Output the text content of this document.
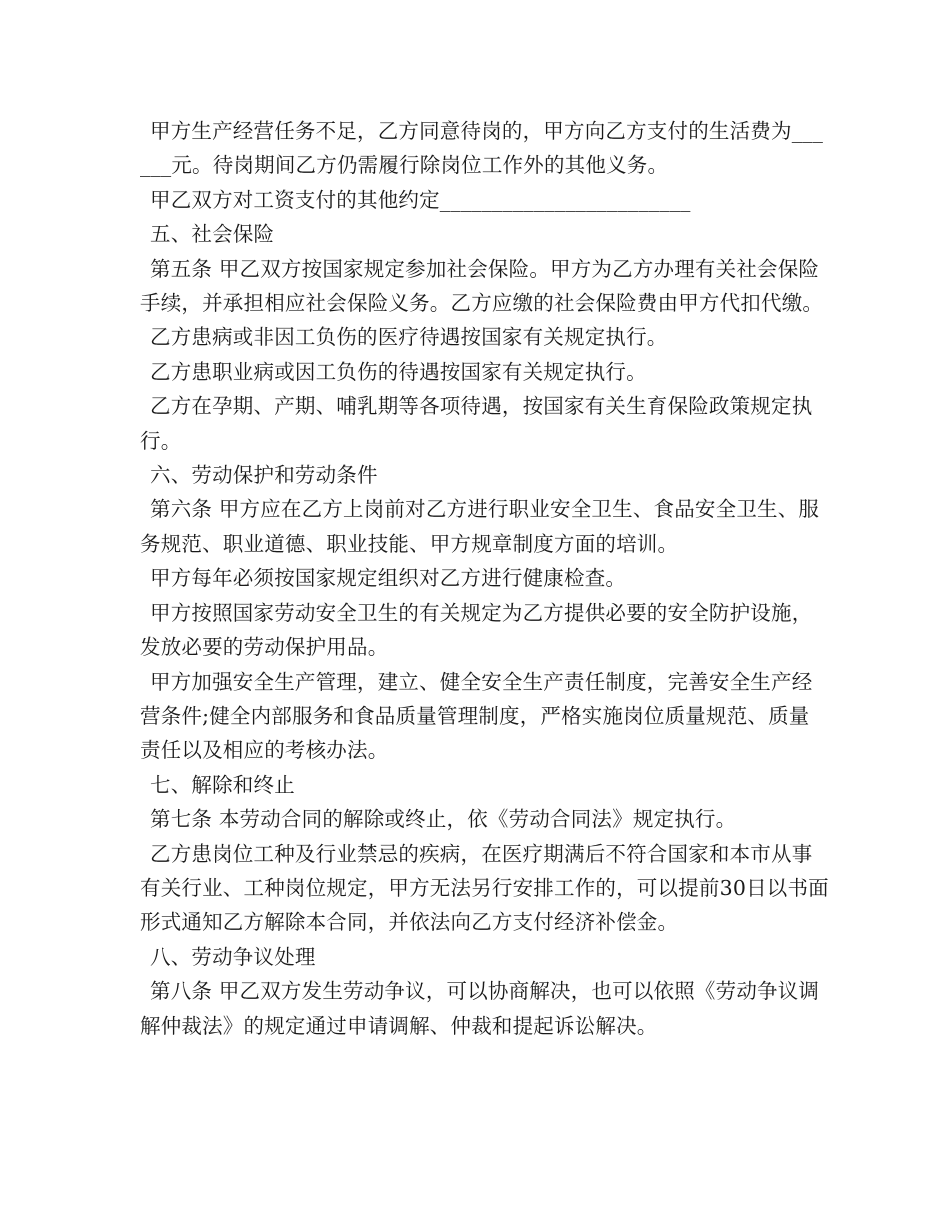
甲方生产经营任务不足，乙方同意待岗的，甲方向乙方支付的生活费为______元。待岗期间乙方仍需履行除岗位工作外的其他义务。

甲乙双方对工资支付的其他约定________________________

五、社会保险

第五条 甲乙双方按国家规定参加社会保险。甲方为乙方办理有关社会保险手续，并承担相应社会保险义务。乙方应缴的社会保险费由甲方代扣代缴。

乙方患病或非因工负伤的医疗待遇按国家有关规定执行。

乙方患职业病或因工负伤的待遇按国家有关规定执行。

乙方在孕期、产期、哺乳期等各项待遇，按国家有关生育保险政策规定执行。

六、劳动保护和劳动条件

第六条 甲方应在乙方上岗前对乙方进行职业安全卫生、食品安全卫生、服务规范、职业道德、职业技能、甲方规章制度方面的培训。

甲方每年必须按国家规定组织对乙方进行健康检查。

甲方按照国家劳动安全卫生的有关规定为乙方提供必要的安全防护设施，发放必要的劳动保护用品。

甲方加强安全生产管理，建立、健全安全生产责任制度，完善安全生产经营条件;健全内部服务和食品质量管理制度，严格实施岗位质量规范、质量责任以及相应的考核办法。

七、解除和终止

第七条 本劳动合同的解除或终止，依《劳动合同法》规定执行。

乙方患岗位工种及行业禁忌的疾病，在医疗期满后不符合国家和本市从事有关行业、工种岗位规定，甲方无法另行安排工作的，可以提前30日以书面形式通知乙方解除本合同，并依法向乙方支付经济补偿金。

八、劳动争议处理

第八条 甲乙双方发生劳动争议，可以协商解决，也可以依照《劳动争议调解仲裁法》的规定通过申请调解、仲裁和提起诉讼解决。
